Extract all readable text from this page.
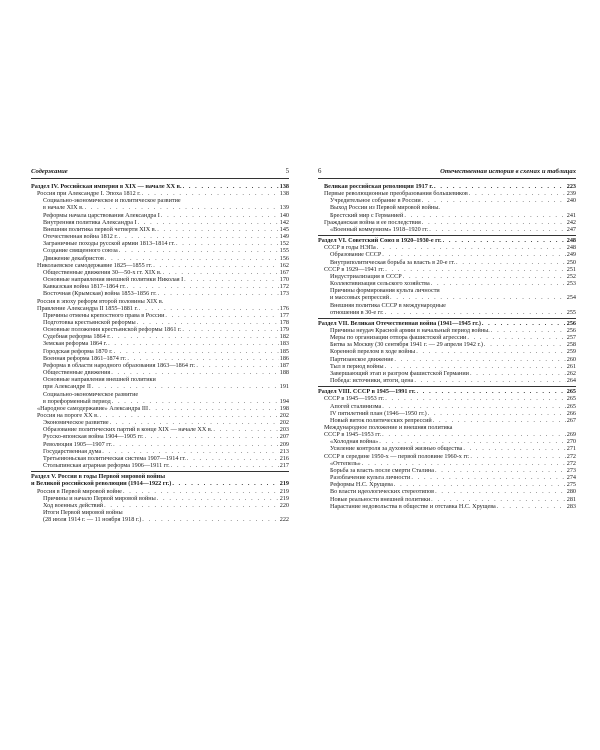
Содержание	5
Раздел IV. Российская империя в XIX — начале XX в. . . .	138
Россия при Александре I. Эпоха 1812 г. . . .	138
Социально-экономическое и политическое развитие
в начале XIX в. . . .	139
Реформы начала царствования Александра I . . .	140
Внутренняя политика Александра I . . .	142
Внешняя политика первой четверти XIX в. . . .	145
Отечественная война 1812 г. . . .	149
Заграничные походы русской армии 1813–1814 гг. . . .	152
Создание священного союза . . .	155
Движение декабристов . . .	156
Николаевское самодержавие 1825—1855 гг. . . .	162
Общественные движения 30—50-х гг. XIX в. . . .	167
Основные направления внешней политики Николая I . . .	170
Кавказская война 1817–1864 гг. . . .	172
Восточная (Крымская) война 1853–1856 гг. . . .	173
Россия в эпоху реформ второй половины XIX в.
Правление Александра II 1855–1881 г. . . .	176
Причины отмены крепостного права в России . . .	177
Подготовка крестьянской реформы . . .	178
Основные положения крестьянской реформы 1861 г. . . .	179
Судебная реформа 1864 г. . . .	182
Земская реформа 1864 г. . . .	183
Городская реформа 1870 г. . . .	185
Военная реформа 1861–1874 гг. . . .	186
Реформа в области народного образования 1863—1864 гг. . . .	187
Общественные движения . . .	188
Основные направления внешней политики
при Александре II . . .	191
Социально-экономическое развитие
в пореформенный период . . .	194
«Народное самодержавие» Александра III . . .	198
Россия на пороге XX в. . . .	202
Экономическое развитие . . .	202
Образование политических партий в конце XIX — начале XX в. . . .	203
Русско-японская война 1904—1905 гг. . . .	207
Революция 1905—1907 гг. . . .	209
Государственная дума . . .	213
Третьеиюньская политическая система 1907—1914 гг. . . .	216
Столыпинская аграрная реформа 1906—1911 гг. . . .	217
Раздел V. Россия в годы Первой мировой войны
и Великой российской революции (1914—1922 гг.) . . .	219
Россия в Первой мировой войне . . .	219
Причины и начало Первой мировой войны . . .	219
Ход военных действий . . .	220
Итоги Первой мировой войны
(28 июля 1914 г. — 11 ноября 1918 г.) . . .	222
6	Отечественная история в схемах и таблицах
Великая российская революция 1917 г. . . .	223
Первые революционные преобразования большевиков . . .	239
Учредительное собрание в России . . .	240
Выход России из Первой мировой войны.
Брестский мир с Германией . . .	241
Гражданская война и ее последствия . . .	242
«Военный коммунизм» 1918–1920 гг. . . .	247
Раздел VI. Советский Союз в 1920–1930-е гг. . . .	248
СССР в годы НЭПа . . .	248
Образование СССР . . .	249
Внутриполитическая борьба за власть в 20-е гг. . . .	250
СССР в 1929—1941 гг. . . .	251
Индустриализация в СССР . . .	252
Коллективизация сельского хозяйства . . .	253
Причины формирования культа личности
и массовых репрессий . . .	254
Внешняя политика СССР в международные
отношения в 30-е гг. . . .	255
Раздел VII. Великая Отечественная война (1941—1945 гг.) . . .	256
Причины неудач Красной армии в начальный период войны. . . .	256
Меры по организации отпора фашистской агрессии . . .	257
Битва за Москву (30 сентября 1941 г. — 29 апреля 1942 г.) . . .	258
Коренной перелом в ходе войны . . .	259
Партизанское движение . . .	260
Тыл в период войны . . .	261
Завершающий этап и разгром фашистской Германии . . .	262
Победа: источники, итоги, цена . . .	264
Раздел VIII. СССР в 1945—1991 гг. . . .	265
СССР в 1945—1953 гг. . . .	265
Апогей сталинизма . . .	265
IV пятилетний план (1946—1950 гг.) . . .	266
Новый виток политических репрессий . . .	267
Международное положение и внешняя политика
СССР в 1945–1953 гг. . . .	269
«Холодная война» . . .	270
Усиление контроля за духовной жизнью общества . . .	271
СССР в середине 1950-х — первой половине 1960-х гг. . . .	272
«Оттепель» . . .	272
Борьба за власть после смерти Сталина . . .	273
Разоблачение культа личности . . .	274
Реформы Н.С. Хрущева . . .	275
Во власти идеологических стереотипов . . .	280
Новые реальности внешней политики . . .	281
Нарастание недовольства в обществе и отставка Н.С. Хрущева . . .	283
